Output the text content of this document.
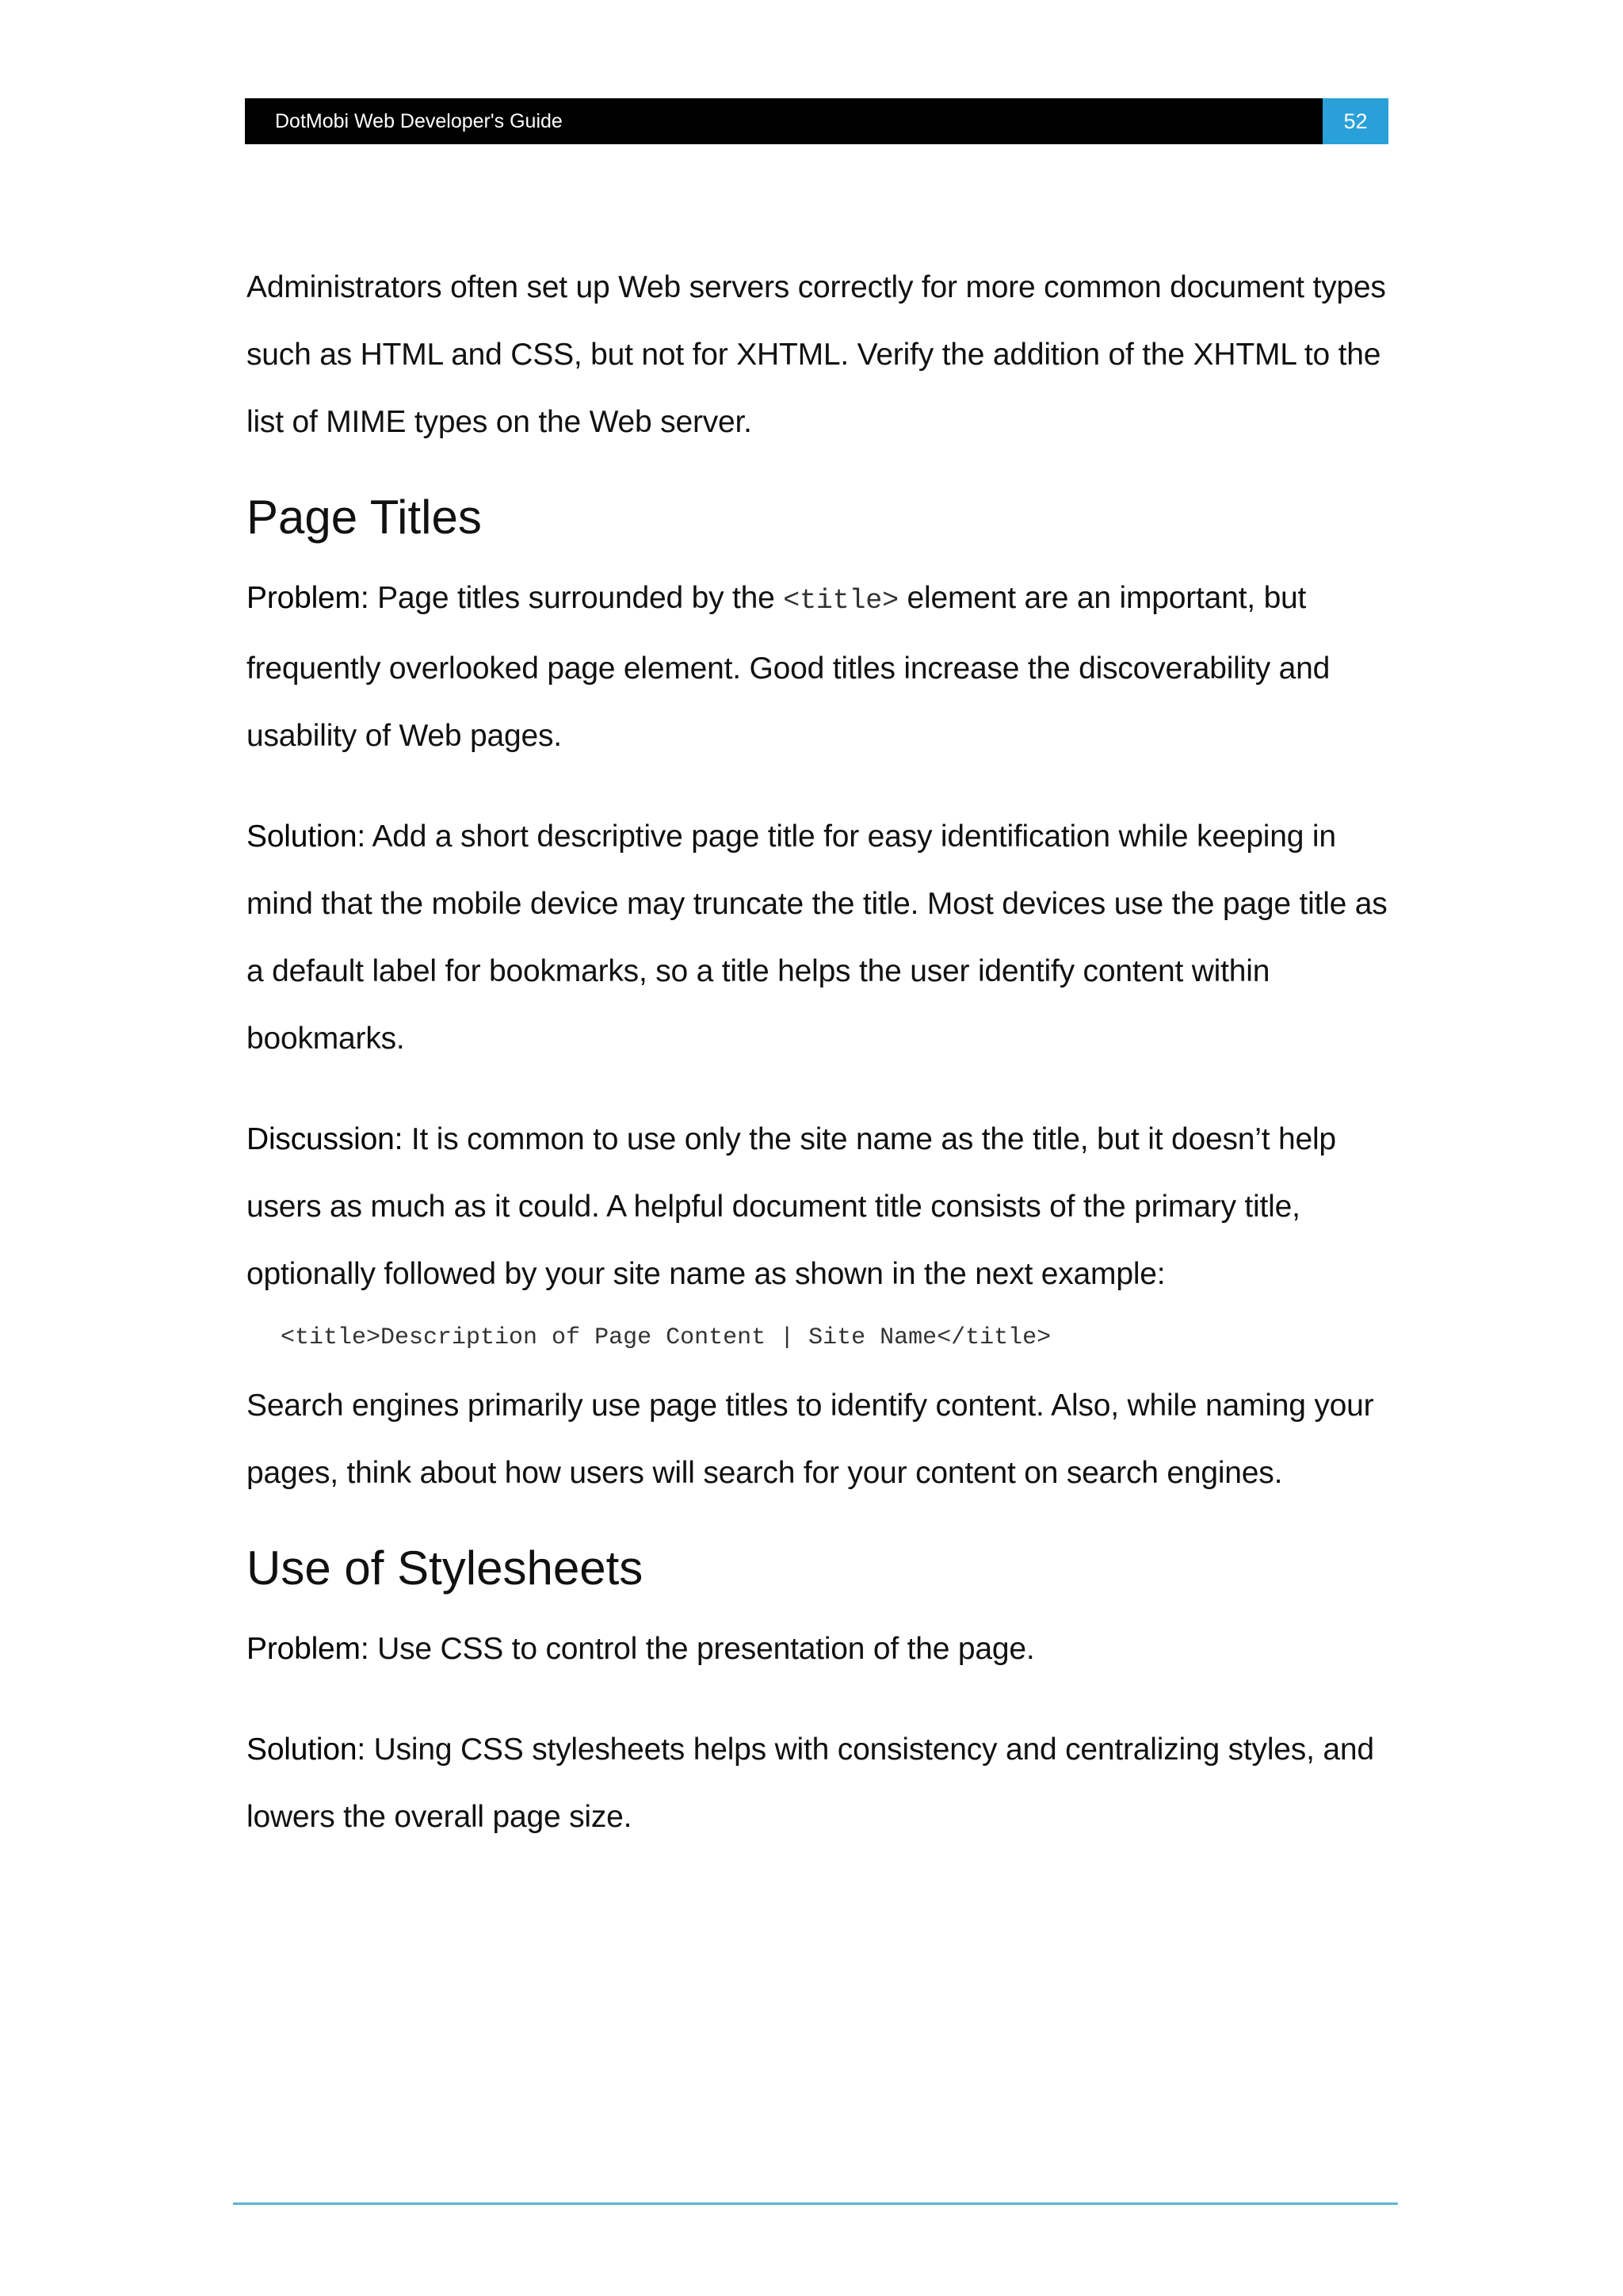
DotMobi Web Developer's Guide	52

Administrators often set up Web servers correctly for more common document types such as HTML and CSS, but not for XHTML. Verify the addition of the XHTML to the list of MIME types on the Web server.

Page Titles

Problem: Page titles surrounded by the <title> element are an important, but frequently overlooked page element. Good titles increase the discoverability and usability of Web pages.

Solution: Add a short descriptive page title for easy identification while keeping in mind that the mobile device may truncate the title. Most devices use the page title as a default label for bookmarks, so a title helps the user identify content within bookmarks.

Discussion: It is common to use only the site name as the title, but it doesn’t help users as much as it could. A helpful document title consists of the primary title, optionally followed by your site name as shown in the next example:

<title>Description of Page Content | Site Name</title>

Search engines primarily use page titles to identify content. Also, while naming your pages, think about how users will search for your content on search engines.

Use of Stylesheets

Problem: Use CSS to control the presentation of the page.

Solution: Using CSS stylesheets helps with consistency and centralizing styles, and lowers the overall page size.
